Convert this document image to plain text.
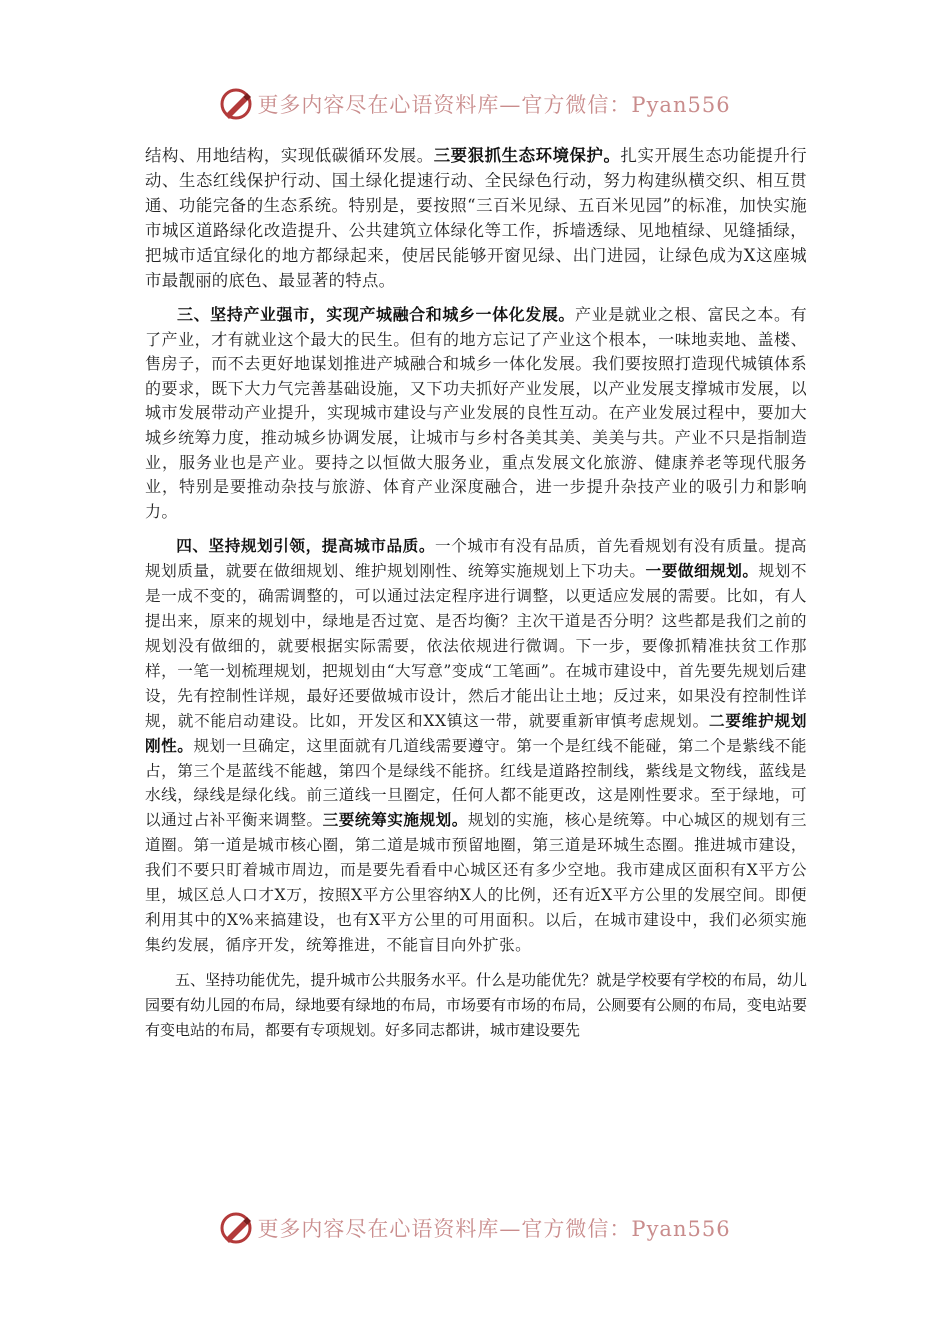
更多内容尽在心语资料库—官方微信：Pyan556

结构、用地结构，实现低碳循环发展。三要狠抓生态环境保护。扎实开展生态功能提升行动、生态红线保护行动、国土绿化提速行动、全民绿色行动，努力构建纵横交织、相互贯通、功能完备的生态系统。特别是，要按照“三百米见绿、五百米见园”的标准，加快实施市城区道路绿化改造提升、公共建筑立体绿化等工作，拆墙透绿、见地植绿、见缝插绿，把城市适宜绿化的地方都绿起来，使居民能够开窗见绿、出门进园，让绿色成为X这座城市最靓丽的底色、最显著的特点。

三、坚持产业强市，实现产城融合和城乡一体化发展。产业是就业之根、富民之本。有了产业，才有就业这个最大的民生。但有的地方忘记了产业这个根本，一味地卖地、盖楼、售房子，而不去更好地谋划推进产城融合和城乡一体化发展。我们要按照打造现代城镇体系的要求，既下大力气完善基础设施，又下功夫抓好产业发展，以产业发展支撑城市发展，以城市发展带动产业提升，实现城市建设与产业发展的良性互动。在产业发展过程中，要加大城乡统筹力度，推动城乡协调发展，让城市与乡村各美其美、美美与共。产业不只是指制造业，服务业也是产业。要持之以恒做大服务业，重点发展文化旅游、健康养老等现代服务业，特别是要推动杂技与旅游、体育产业深度融合，进一步提升杂技产业的吸引力和影响力。

四、坚持规划引领，提高城市品质。一个城市有没有品质，首先看规划有没有质量。提高规划质量，就要在做细规划、维护规划刚性、统筹实施规划上下功夫。一要做细规划。规划不是一成不变的，确需调整的，可以通过法定程序进行调整，以更适应发展的需要。比如，有人提出来，原来的规划中，绿地是否过宽、是否均衡？主次干道是否分明？这些都是我们之前的规划没有做细的，就要根据实际需要，依法依规进行微调。下一步，要像抓精准扶贫工作那样，一笔一划梳理规划，把规划由“大写意”变成“工笔画”。在城市建设中，首先要先规划后建设，先有控制性详规，最好还要做城市设计，然后才能出让土地；反过来，如果没有控制性详规，就不能启动建设。比如，开发区和XX镇这一带，就要重新审慎考虑规划。二要维护规划刚性。规划一旦确定，这里面就有几道线需要遵守。第一个是红线不能碰，第二个是紫线不能占，第三个是蓝线不能越，第四个是绿线不能挤。红线是道路控制线，紫线是文物线，蓝线是水线，绿线是绿化线。前三道线一旦圈定，任何人都不能更改，这是刚性要求。至于绿地，可以通过占补平衡来调整。三要统筹实施规划。规划的实施，核心是统筹。中心城区的规划有三道圈。第一道是城市核心圈，第二道是城市预留地圈，第三道是环城生态圈。推进城市建设，我们不要只盯着城市周边，而是要先看看中心城区还有多少空地。我市建成区面积有X平方公里，城区总人口才X万，按照X平方公里容纳X人的比例，还有近X平方公里的发展空间。即便利用其中的X%来搞建设，也有X平方公里的可用面积。以后，在城市建设中，我们必须实施集约发展，循序开发，统筹推进，不能盲目向外扩张。

五、坚持功能优先，提升城市公共服务水平。什么是功能优先？就是学校要有学校的布局，幼儿园要有幼儿园的布局，绿地要有绿地的布局，市场要有市场的布局，公厕要有公厕的布局，变电站要有变电站的布局，都要有专项规划。好多同志都讲，城市建设要先

更多内容尽在心语资料库—官方微信：Pyan556
